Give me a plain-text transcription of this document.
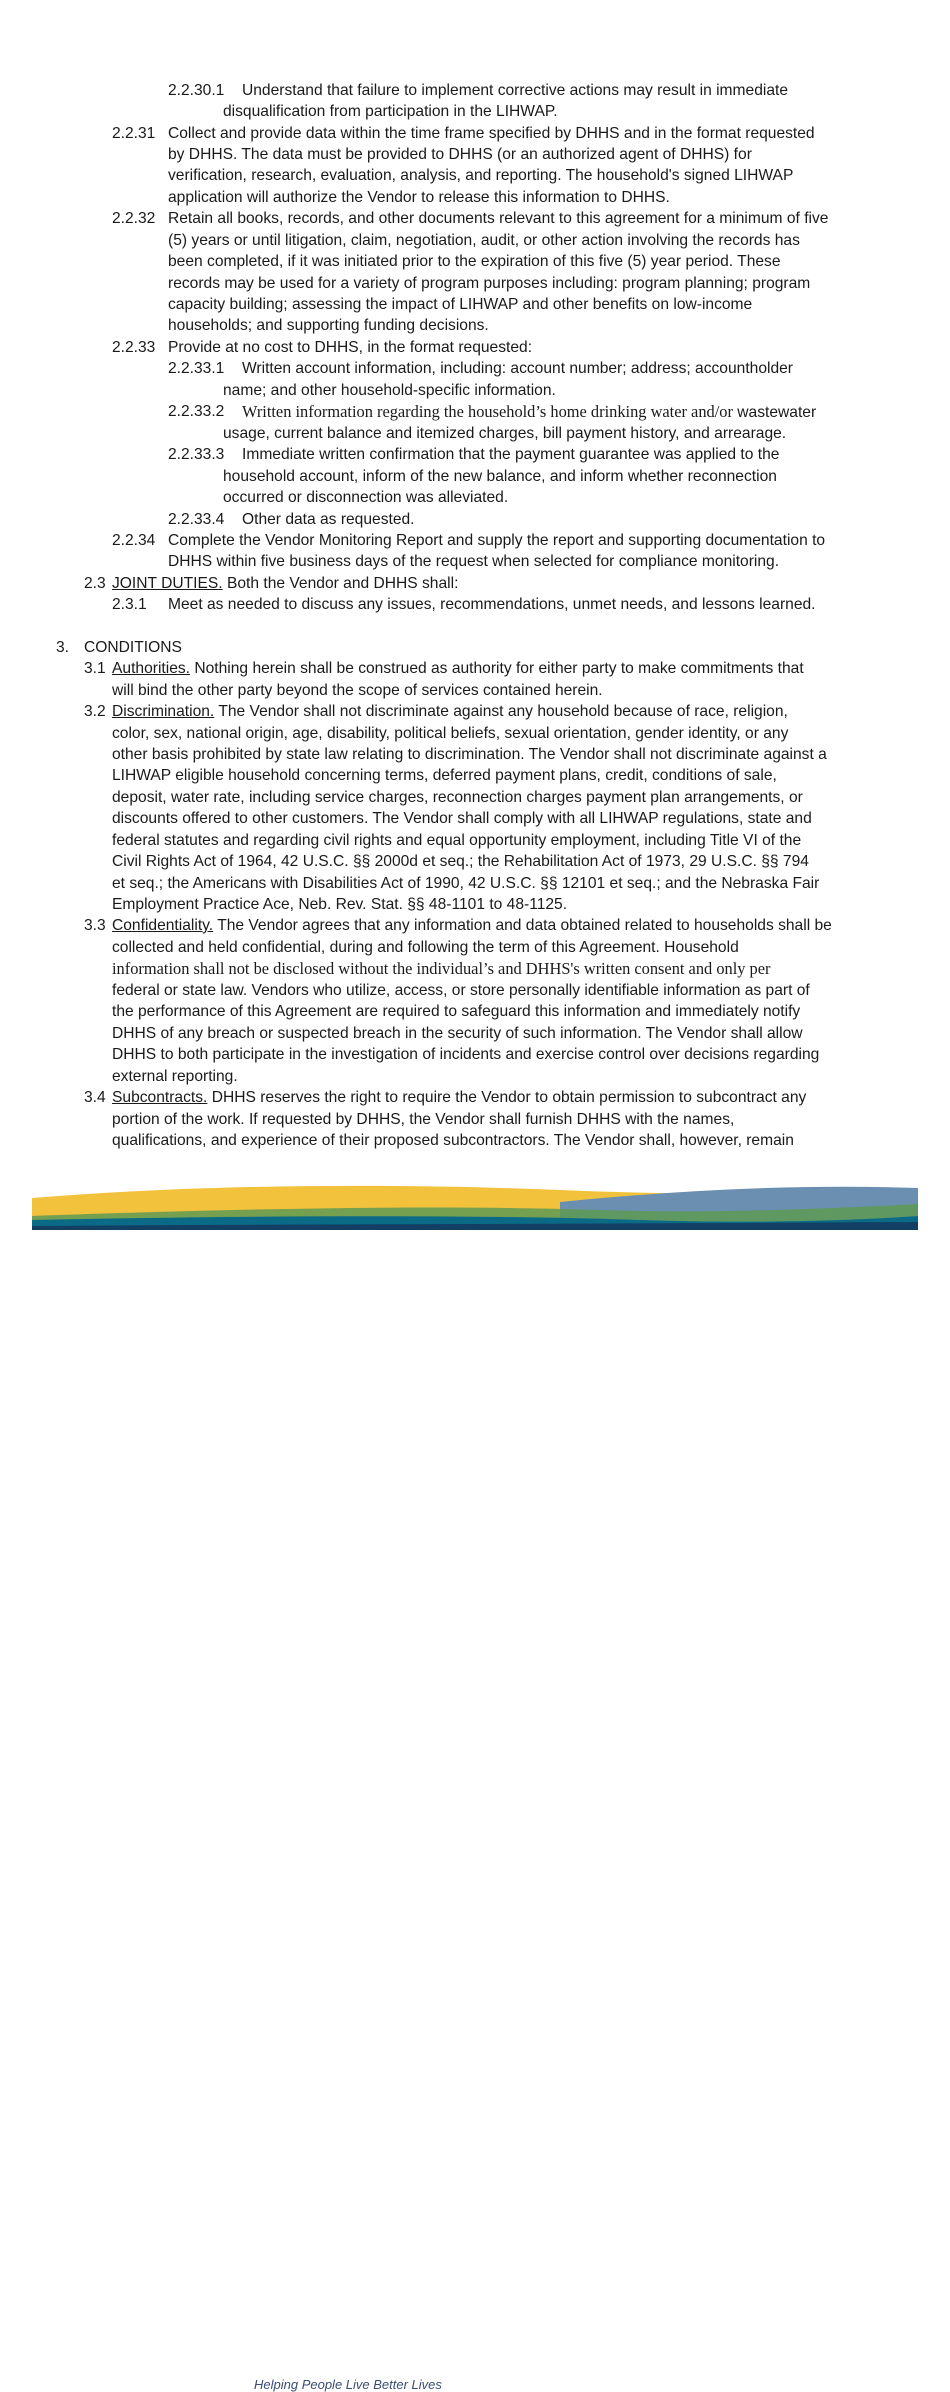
2.2.30.1 Understand that failure to implement corrective actions may result in immediate
disqualification from participation in the LIHWAP.
2.2.31 Collect and provide data within the time frame specified by DHHS and in the format requested
by DHHS. The data must be provided to DHHS (or an authorized agent of DHHS) for
verification, research, evaluation, analysis, and reporting. The household's signed LIHWAP
application will authorize the Vendor to release this information to DHHS.
2.2.32 Retain all books, records, and other documents relevant to this agreement for a minimum of five
(5) years or until litigation, claim, negotiation, audit, or other action involving the records has
been completed, if it was initiated prior to the expiration of this five (5) year period. These
records may be used for a variety of program purposes including: program planning; program
capacity building; assessing the impact of LIHWAP and other benefits on low-income
households; and supporting funding decisions.
2.2.33 Provide at no cost to DHHS, in the format requested:
2.2.33.1 Written account information, including: account number; address; accountholder
name; and other household-specific information.
2.2.33.2 Written information regarding the household’s home drinking water and/or wastewater
usage, current balance and itemized charges, bill payment history, and arrearage.
2.2.33.3 Immediate written confirmation that the payment guarantee was applied to the
household account, inform of the new balance, and inform whether reconnection
occurred or disconnection was alleviated.
2.2.33.4 Other data as requested.
2.2.34 Complete the Vendor Monitoring Report and supply the report and supporting documentation to
DHHS within five business days of the request when selected for compliance monitoring.
2.3 JOINT DUTIES. Both the Vendor and DHHS shall:
2.3.1 Meet as needed to discuss any issues, recommendations, unmet needs, and lessons learned.
3. CONDITIONS
3.1 Authorities. Nothing herein shall be construed as authority for either party to make commitments that
will bind the other party beyond the scope of services contained herein.
3.2 Discrimination. The Vendor shall not discriminate against any household because of race, religion,
color, sex, national origin, age, disability, political beliefs, sexual orientation, gender identity, or any
other basis prohibited by state law relating to discrimination. The Vendor shall not discriminate against a
LIHWAP eligible household concerning terms, deferred payment plans, credit, conditions of sale,
deposit, water rate, including service charges, reconnection charges payment plan arrangements, or
discounts offered to other customers. The Vendor shall comply with all LIHWAP regulations, state and
federal statutes and regarding civil rights and equal opportunity employment, including Title VI of the
Civil Rights Act of 1964, 42 U.S.C. §§ 2000d et seq.; the Rehabilitation Act of 1973, 29 U.S.C. §§ 794
et seq.; the Americans with Disabilities Act of 1990, 42 U.S.C. §§ 12101 et seq.; and the Nebraska Fair
Employment Practice Ace, Neb. Rev. Stat. §§ 48-1101 to 48-1125.
3.3 Confidentiality. The Vendor agrees that any information and data obtained related to households shall be
collected and held confidential, during and following the term of this Agreement. Household
information shall not be disclosed without the individual’s and DHHS's written consent and only per
federal or state law. Vendors who utilize, access, or store personally identifiable information as part of
the performance of this Agreement are required to safeguard this information and immediately notify
DHHS of any breach or suspected breach in the security of such information. The Vendor shall allow
DHHS to both participate in the investigation of incidents and exercise control over decisions regarding
external reporting.
3.4 Subcontracts. DHHS reserves the right to require the Vendor to obtain permission to subcontract any
portion of the work. If requested by DHHS, the Vendor shall furnish DHHS with the names,
qualifications, and experience of their proposed subcontractors. The Vendor shall, however, remain
Helping People Live Better Lives
